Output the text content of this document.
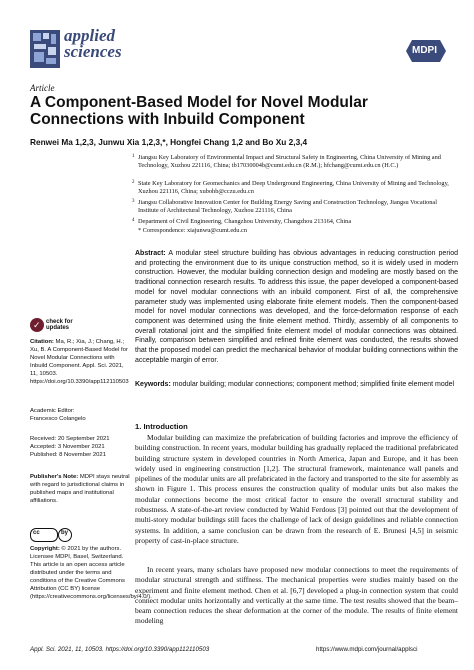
applied
sciences	MDPI
Article
A Component-Based Model for Novel Modular Connections with Inbuild Component
Renwei Ma 1,2,3, Junwu Xia 1,2,3,*, Hongfei Chang 1,2 and Bo Xu 2,3,4
1 Jiangsu Key Laboratory of Environmental Impact and Structural Safety in Engineering, China University of Mining and Technology, Xuzhou 221116, China; tb17030004b@cumt.edu.cn (R.M.); hfchang@cumt.edu.cn (H.C.)
2 State Key Laboratory for Geomechanics and Deep Underground Engineering, China University of Mining and Technology, Xuzhou 221116, China; xubohb@cczu.edu.cn
3 Jiangsu Collaborative Innovation Center for Building Energy Saving and Construction Technology, Jiangsu Vocational Institute of Architectural Technology, Xuzhou 221116, China
4 Department of Civil Engineering, Changzhou University, Changzhou 213164, China
* Correspondence: xiajunwu@cumt.edu.cn
Abstract: A modular steel structure building has obvious advantages in reducing construction period and protecting the environment due to its unique construction method, so it is widely used in modern construction. However, the modular building connection design and modeling are mostly based on the traditional connection research results. To address this issue, the paper developed a component-based model for novel modular connections with an inbuild component. First of all, the comprehensive parameter study was implemented using elaborate finite element models. Then the component-based model for novel modular connections was developed, and the force-deformation response of each component was determined using the finite element method. Thirdly, assembly of all components to overall rotational joint and the simplified finite element model of modular connections was obtained. Finally, comparison between simplified and refined finite element was conducted, the results showed that the proposed model can predict the mechanical behavior of modular building connections within the acceptable margin of error.
Keywords: modular building; modular connections; component method; simplified finite element model
✓ check for updates
Citation: Ma, R.; Xia, J.; Chang, H.; Xu, B. A Component-Based Model for Novel Modular Connections with Inbuild Component. Appl. Sci. 2021, 11, 10503. https://doi.org/10.3390/app112110503
Academic Editor:
Francesco Colangelo
Received: 20 September 2021
Accepted: 3 November 2021
Published: 8 November 2021
Publisher's Note: MDPI stays neutral with regard to jurisdictional claims in published maps and institutional affiliations.
cc	by
Copyright: © 2021 by the authors. Licensee MDPI, Basel, Switzerland. This article is an open access article distributed under the terms and conditions of the Creative Commons Attribution (CC BY) license (https://creativecommons.org/licenses/by/4.0/).
1. Introduction
Modular building can maximize the prefabrication of building factories and improve the efficiency of building construction. In recent years, modular building has gradually replaced the traditional prefabricated building structure system in developed countries in North America, Japan and Europe, and it has been widely used in engineering construction [1,2]. The structural framework, maintenance wall panels and pipelines of the modular units are all prefabricated in the factory and transported to the site for assembly as shown in Figure 1. This process ensures the construction quality of modular units but also makes the modular connections become the most critical factor to ensure the overall structural stability and robustness. A state-of-the-art review conducted by Wahid Ferdous [3] pointed out that the development of multi-story modular buildings still faces the challenge of lack of design guidelines and reliable connection systems. In addition, a same conclusion can be drawn from the research of E. Brunesi [4,5] in seismic property of cast-in-place structure.
In recent years, many scholars have proposed new modular connections to meet the requirements of modular structural strength and stiffness. The mechanical properties were studies mainly based on the experiment and finite element method. Chen et al. [6,7] developed a plug-in connection system that could connect modular units horizontally and vertically at the same time. The test results showed that the beam–beam connection reduces the shear deformation at the corner of the module. The results of finite element modeling
Appl. Sci. 2021, 11, 10503. https://doi.org/10.3390/app112110503	https://www.mdpi.com/journal/applsci
